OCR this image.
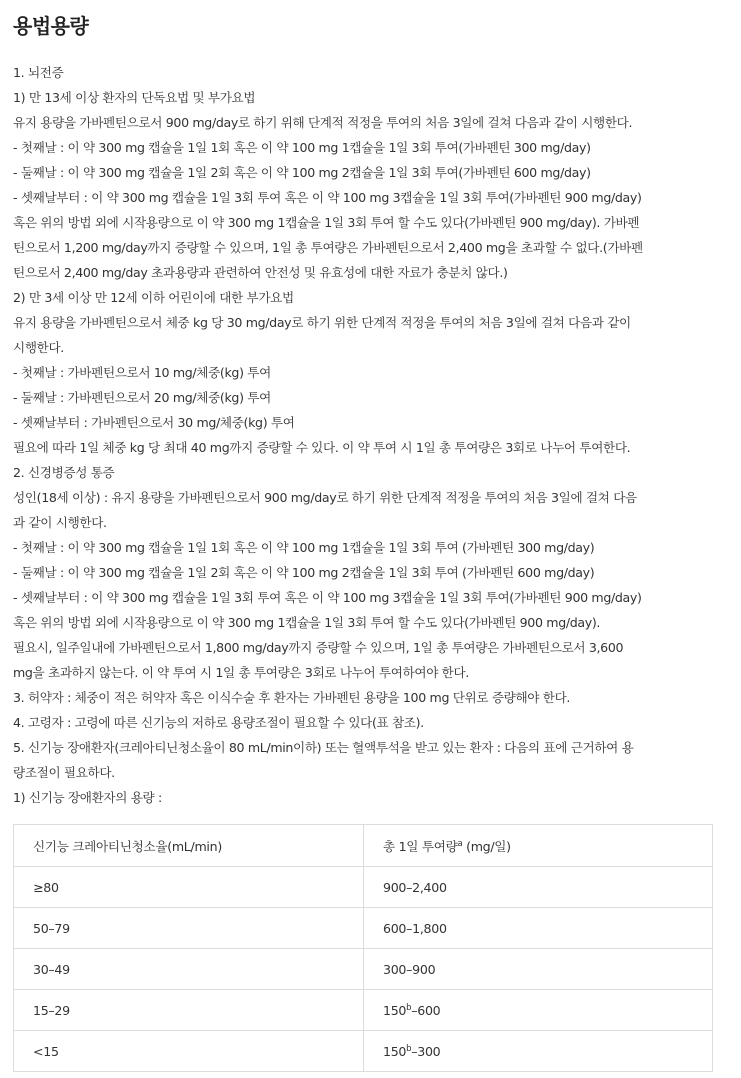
용법용량
1. 뇌전증
1) 만 13세 이상 환자의 단독요법 및 부가요법
유지 용량을 가바펜틴으로서 900 mg/day로 하기 위해 단계적 적정을 투여의 처음 3일에 걸쳐 다음과 같이 시행한다.
- 첫째날 : 이 약 300 mg 캡슐을 1일 1회 혹은 이 약 100 mg 1캡슐을 1일 3회 투여(가바펜틴 300 mg/day)
- 둘째날 : 이 약 300 mg 캡슐을 1일 2회 혹은 이 약 100 mg 2캡슐을 1일 3회 투여(가바펜틴 600 mg/day)
- 셋째날부터 : 이 약 300 mg 캡슐을 1일 3회 투여 혹은 이 약 100 mg 3캡슐을 1일 3회 투여(가바펜틴 900 mg/day)
혹은 위의 방법 외에 시작용량으로 이 약 300 mg 1캡슐을 1일 3회 투여 할 수도 있다(가바펜틴 900 mg/day). 가바펜
틴으로서 1,200 mg/day까지 증량할 수 있으며, 1일 총 투여량은 가바펜틴으로서 2,400 mg을 초과할 수 없다.(가바펜
틴으로서 2,400 mg/day 초과용량과 관련하여 안전성 및 유효성에 대한 자료가 충분치 않다.)
2) 만 3세 이상 만 12세 이하 어린이에 대한 부가요법
유지 용량을 가바펜틴으로서 체중 kg 당 30 mg/day로 하기 위한 단계적 적정을 투여의 처음 3일에 걸쳐 다음과 같이
시행한다.
- 첫째날 : 가바펜틴으로서 10 mg/체중(kg) 투여
- 둘째날 : 가바펜틴으로서 20 mg/체중(kg) 투여
- 셋째날부터 : 가바펜틴으로서 30 mg/체중(kg) 투여
필요에 따라 1일 체중 kg 당 최대 40 mg까지 증량할 수 있다. 이 약 투여 시 1일 총 투여량은 3회로 나누어 투여한다.
2. 신경병증성 통증
성인(18세 이상) : 유지 용량을 가바펜틴으로서 900 mg/day로 하기 위한 단계적 적정을 투여의 처음 3일에 걸쳐 다음
과 같이 시행한다.
- 첫째날 : 이 약 300 mg 캡슐을 1일 1회 혹은 이 약 100 mg 1캡슐을 1일 3회 투여 (가바펜틴 300 mg/day)
- 둘째날 : 이 약 300 mg 캡슐을 1일 2회 혹은 이 약 100 mg 2캡슐을 1일 3회 투여 (가바펜틴 600 mg/day)
- 셋째날부터 : 이 약 300 mg 캡슐을 1일 3회 투여 혹은 이 약 100 mg 3캡슐을 1일 3회 투여(가바펜틴 900 mg/day)
혹은 위의 방법 외에 시작용량으로 이 약 300 mg 1캡슐을 1일 3회 투여 할 수도 있다(가바펜틴 900 mg/day).
필요시, 일주일내에 가바펜틴으로서 1,800 mg/day까지 증량할 수 있으며, 1일 총 투여량은 가바펜틴으로서 3,600
mg을 초과하지 않는다. 이 약 투여 시 1일 총 투여량은 3회로 나누어 투여하여야 한다.
3. 허약자 : 체중이 적은 허약자 혹은 이식수술 후 환자는 가바펜틴 용량을 100 mg 단위로 증량해야 한다.
4. 고령자 : 고령에 따른 신기능의 저하로 용량조절이 필요할 수 있다(표 참조).
5. 신기능 장애환자(크레아티닌청소율이 80 mL/min이하) 또는 혈액투석을 받고 있는 환자 : 다음의 표에 근거하여 용
량조절이 필요하다.
1) 신기능 장애환자의 용량 :
신기능 크레아티닌청소율(mL/min)	총 1일 투여량$^a$ (mg/일)
≥80	900–2,400
50–79	600–1,800
30–49	300–900
15–29	$150^b-600$
<15	150$^b$–300
